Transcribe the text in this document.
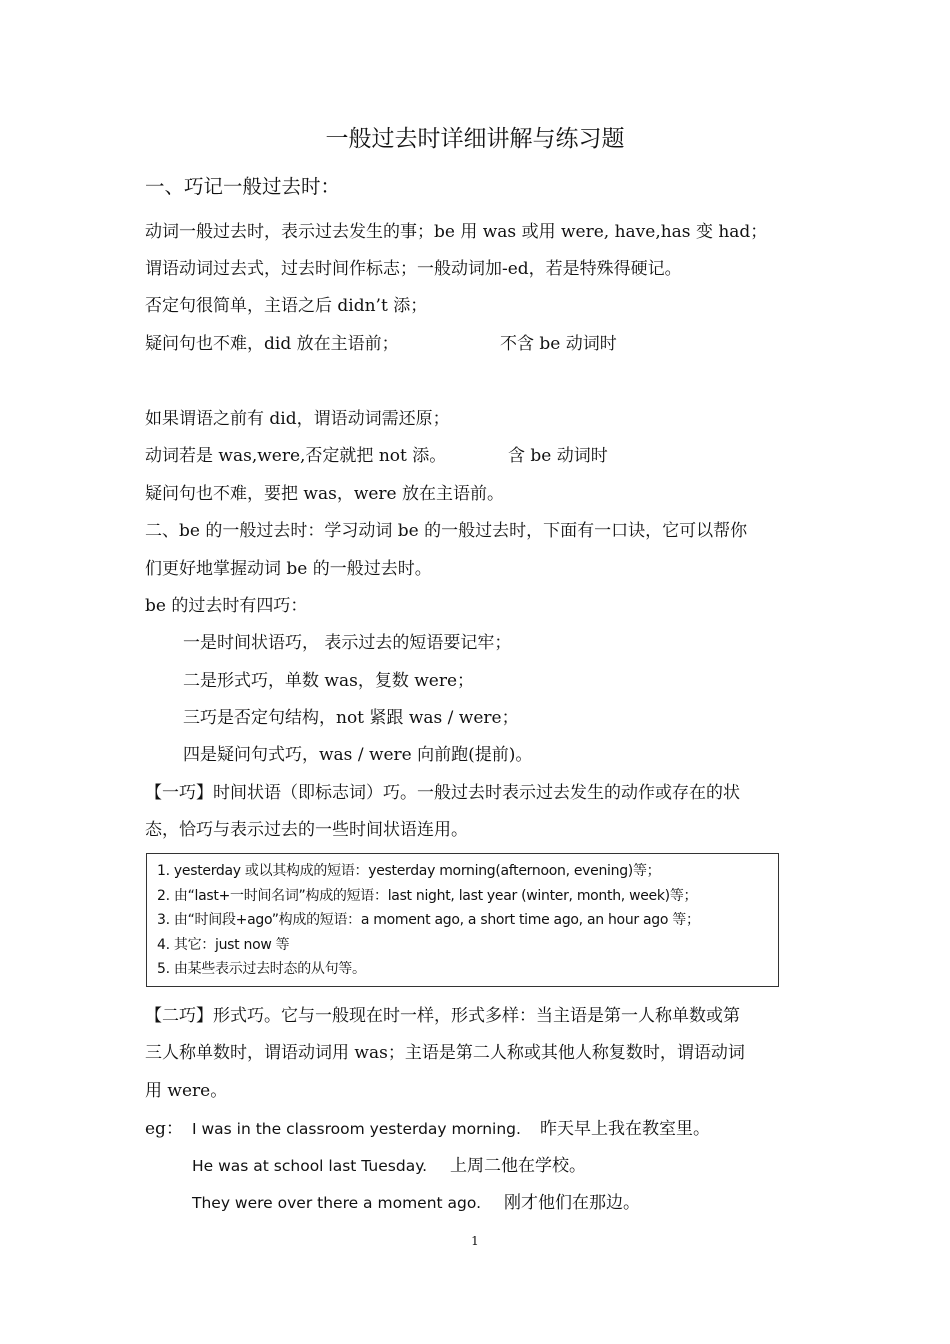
一般过去时详细讲解与练习题
一、巧记一般过去时：
动词一般过去时，表示过去发生的事；be 用 was 或用 were, have,has 变 had；
谓语动词过去式，过去时间作标志；一般动词加-ed，若是特殊得硬记。
否定句很简单，主语之后 didn’t 添；
疑问句也不难，did 放在主语前；	不含 be 动词时
如果谓语之前有 did，谓语动词需还原；
动词若是 was,were,否定就把 not 添。	含 be 动词时
疑问句也不难，要把 was，were 放在主语前。
二、be 的一般过去时：学习动词 be 的一般过去时，下面有一口诀，它可以帮你
们更好地掌握动词 be 的一般过去时。
be 的过去时有四巧：
一是时间状语巧， 表示过去的短语要记牢；
二是形式巧，单数 was，复数 were；
三巧是否定句结构，not 紧跟 was / were；
四是疑问句式巧，was / were 向前跑(提前)。
【一巧】时间状语（即标志词）巧。一般过去时表示过去发生的动作或存在的状
态，恰巧与表示过去的一些时间状语连用。
1. yesterday 或以其构成的短语：yesterday morning(afternoon, evening)等；
2. 由“last+一时间名词”构成的短语：last night, last year (winter, month, week)等；
3. 由“时间段+ago”构成的短语：a moment ago, a short time ago, an hour ago 等；
4. 其它：just now 等
5. 由某些表示过去时态的从句等。
【二巧】形式巧。它与一般现在时一样，形式多样：当主语是第一人称单数或第
三人称单数时，谓语动词用 was；主语是第二人称或其他人称复数时，谓语动词
用 were。
eg： I was in the classroom yesterday morning. 昨天早上我在教室里。
He was at school last Tuesday. 上周二他在学校。
They were over there a moment ago. 刚才他们在那边。
1
